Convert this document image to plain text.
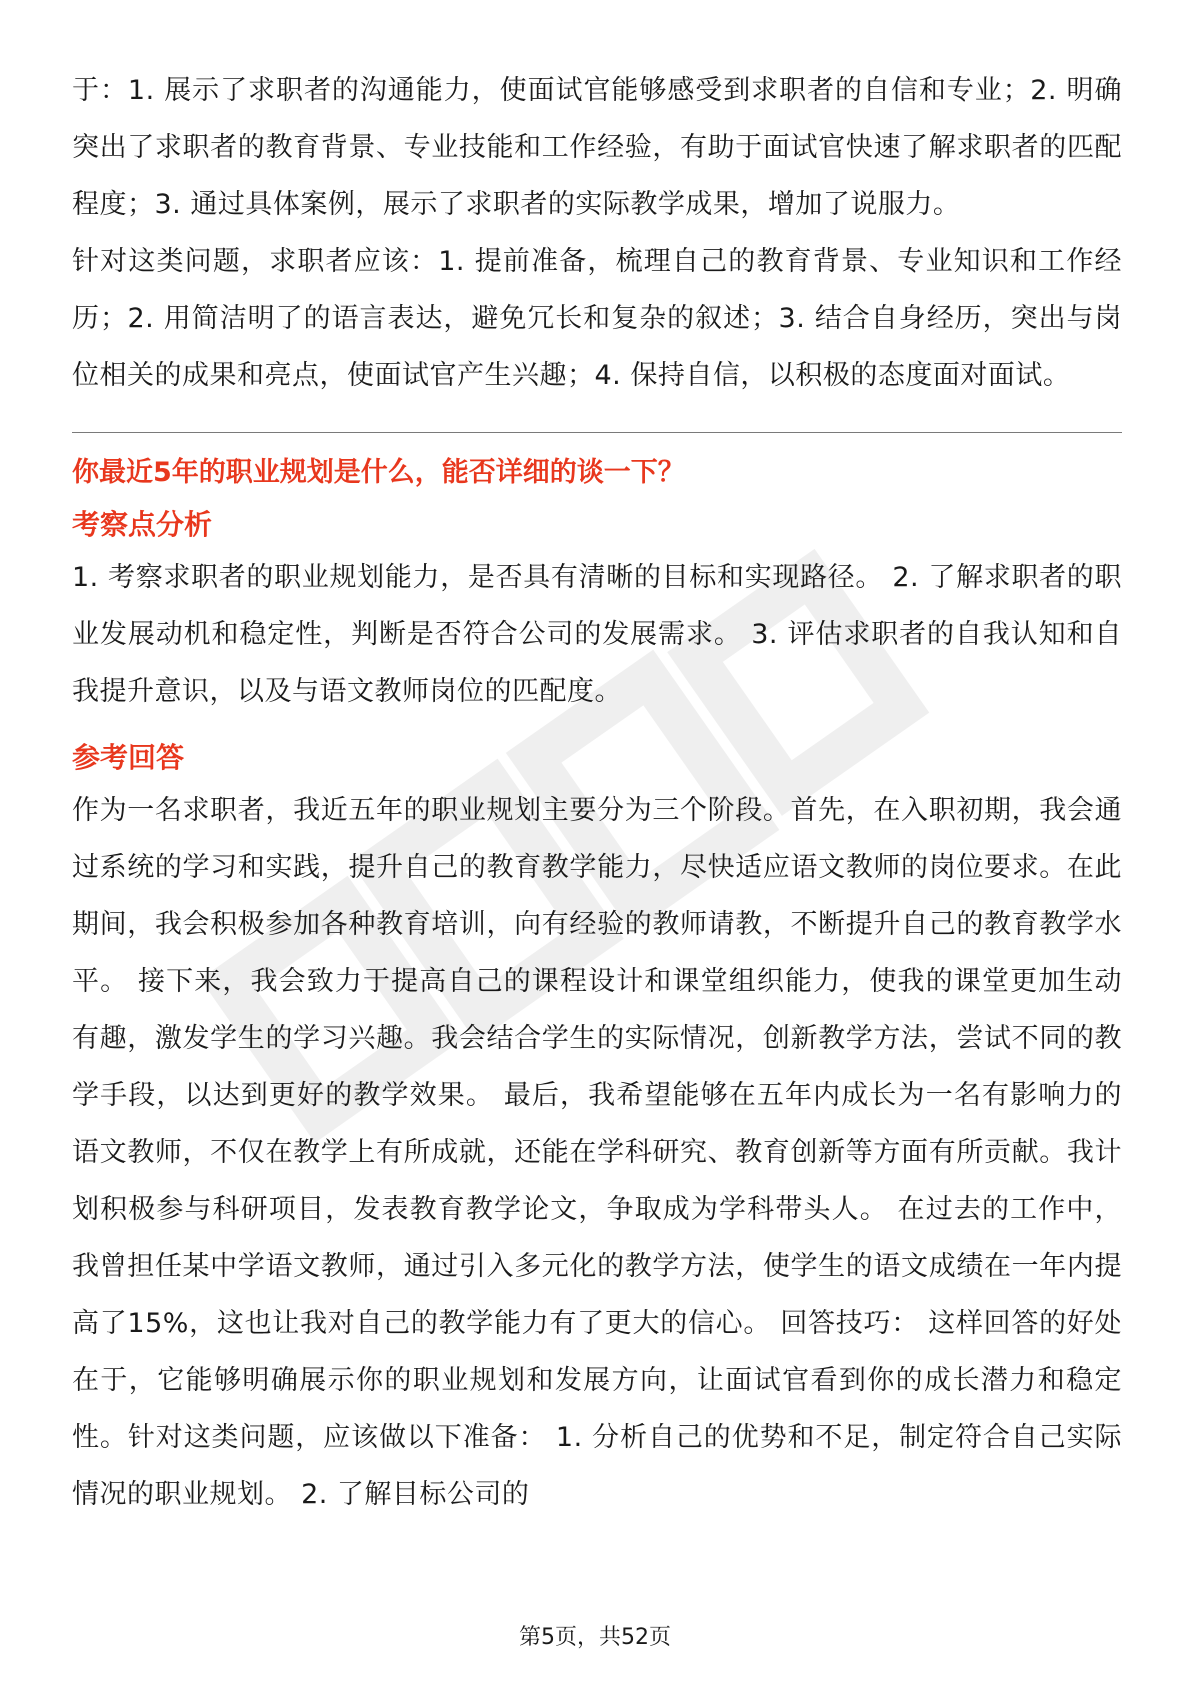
于：1. 展示了求职者的沟通能力，使面试官能够感受到求职者的自信和专业；2. 明确突出了求职者的教育背景、专业技能和工作经验，有助于面试官快速了解求职者的匹配程度；3. 通过具体案例，展示了求职者的实际教学成果，增加了说服力。

针对这类问题，求职者应该：1. 提前准备，梳理自己的教育背景、专业知识和工作经历；2. 用简洁明了的语言表达，避免冗长和复杂的叙述；3. 结合自身经历，突出与岗位相关的成果和亮点，使面试官产生兴趣；4. 保持自信，以积极的态度面对面试。

你最近5年的职业规划是什么，能否详细的谈一下？
考察点分析

1. 考察求职者的职业规划能力，是否具有清晰的目标和实现路径。 2. 了解求职者的职业发展动机和稳定性，判断是否符合公司的发展需求。 3. 评估求职者的自我认知和自我提升意识，以及与语文教师岗位的匹配度。

参考回答

作为一名求职者，我近五年的职业规划主要分为三个阶段。首先，在入职初期，我会通过系统的学习和实践，提升自己的教育教学能力，尽快适应语文教师的岗位要求。在此期间，我会积极参加各种教育培训，向有经验的教师请教，不断提升自己的教育教学水平。 接下来，我会致力于提高自己的课程设计和课堂组织能力，使我的课堂更加生动有趣，激发学生的学习兴趣。我会结合学生的实际情况，创新教学方法，尝试不同的教学手段，以达到更好的教学效果。 最后，我希望能够在五年内成长为一名有影响力的语文教师，不仅在教学上有所成就，还能在学科研究、教育创新等方面有所贡献。我计划积极参与科研项目，发表教育教学论文，争取成为学科带头人。 在过去的工作中，我曾担任某中学语文教师，通过引入多元化的教学方法，使学生的语文成绩在一年内提高了15%，这也让我对自己的教学能力有了更大的信心。 回答技巧： 这样回答的好处在于，它能够明确展示你的职业规划和发展方向，让面试官看到你的成长潜力和稳定性。针对这类问题，应该做以下准备： 1. 分析自己的优势和不足，制定符合自己实际情况的职业规划。 2. 了解目标公司的

第5页，共52页
